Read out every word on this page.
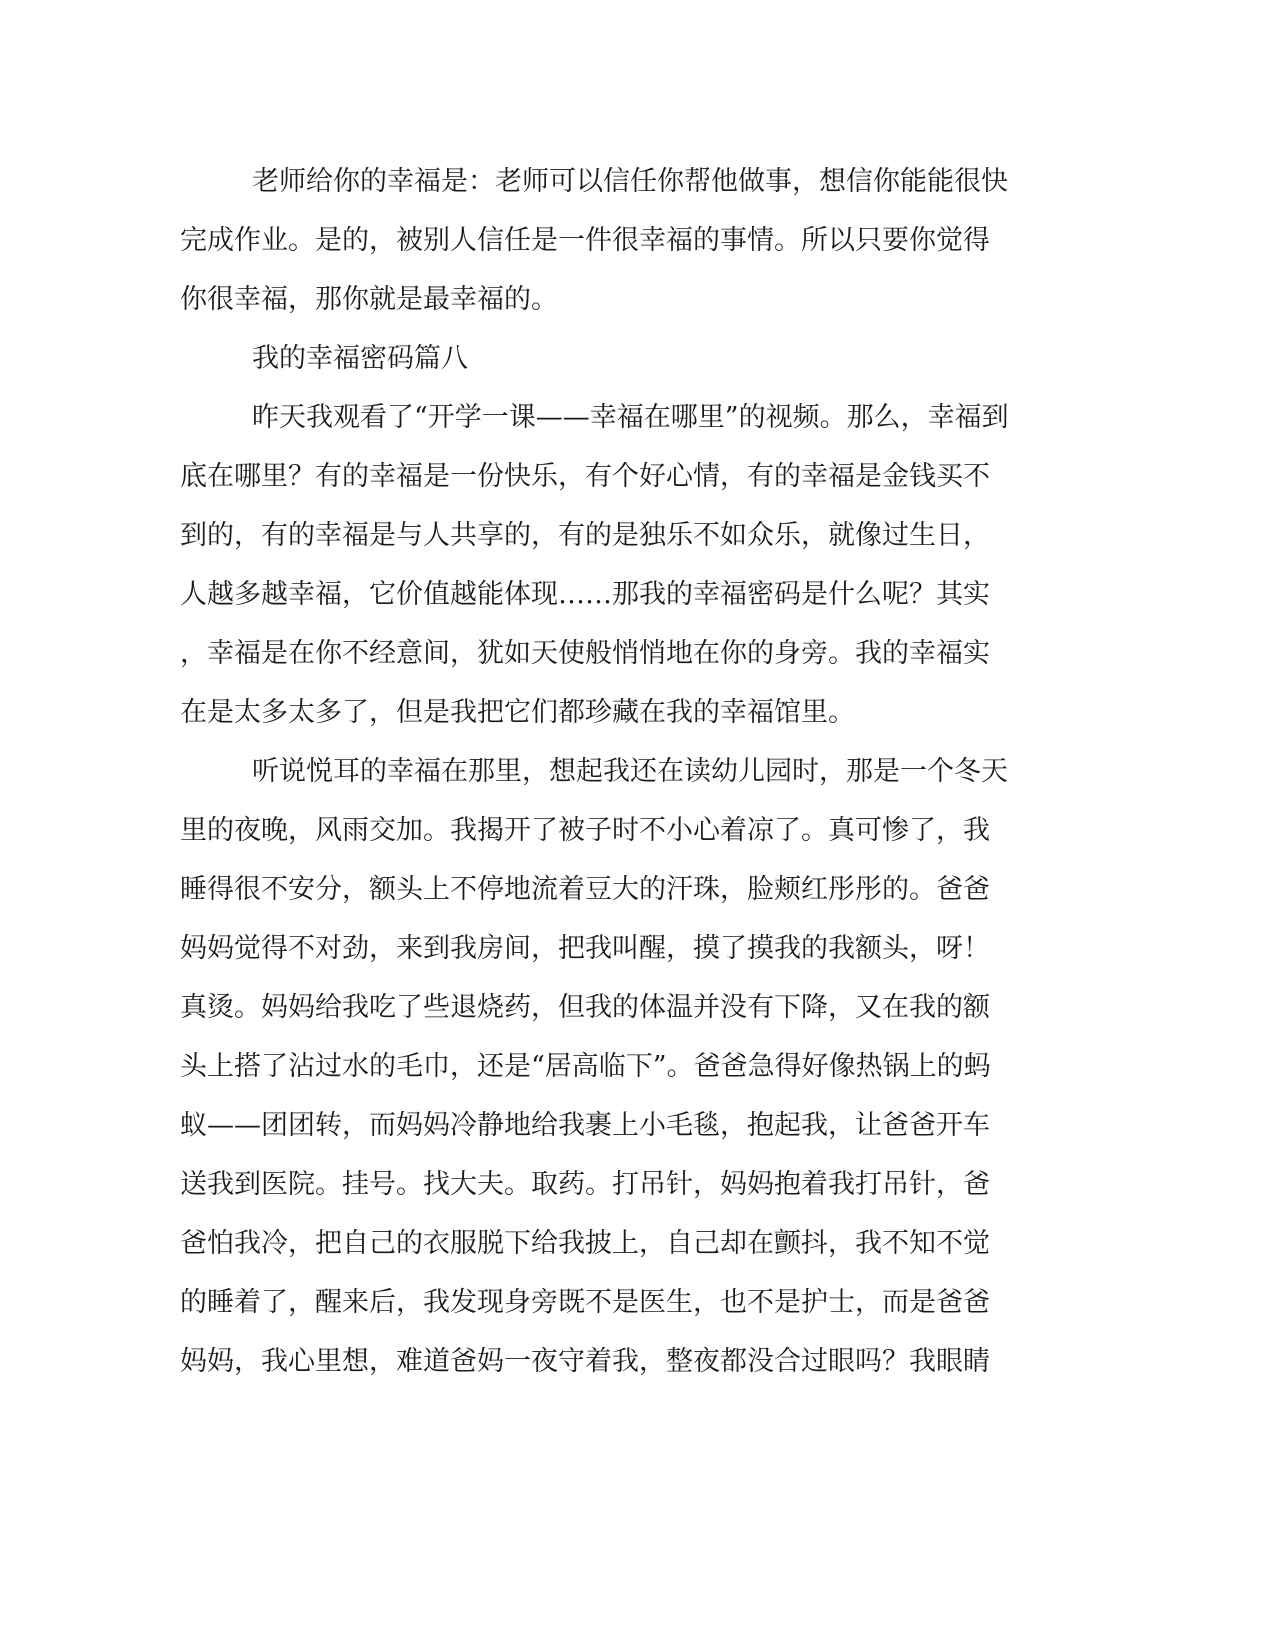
老师给你的幸福是：老师可以信任你帮他做事，想信你能能很快

完成作业。是的，被别人信任是一件很幸福的事情。所以只要你觉得

你很幸福，那你就是最幸福的。

我的幸福密码篇八

昨天我观看了“开学一课——幸福在哪里”的视频。那么，幸福到

底在哪里？有的幸福是一份快乐，有个好心情，有的幸福是金钱买不

到的，有的幸福是与人共享的，有的是独乐不如众乐，就像过生日，

人越多越幸福，它价值越能体现……那我的幸福密码是什么呢？其实

，幸福是在你不经意间，犹如天使般悄悄地在你的身旁。我的幸福实

在是太多太多了，但是我把它们都珍藏在我的幸福馆里。

听说悦耳的幸福在那里，想起我还在读幼儿园时，那是一个冬天

里的夜晚，风雨交加。我揭开了被子时不小心着凉了。真可惨了，我

睡得很不安分，额头上不停地流着豆大的汗珠，脸颊红彤彤的。爸爸

妈妈觉得不对劲，来到我房间，把我叫醒，摸了摸我的我额头，呀！

真烫。妈妈给我吃了些退烧药，但我的体温并没有下降，又在我的额

头上搭了沾过水的毛巾，还是“居高临下”。爸爸急得好像热锅上的蚂

蚁——团团转，而妈妈冷静地给我裹上小毛毯，抱起我，让爸爸开车

送我到医院。挂号。找大夫。取药。打吊针，妈妈抱着我打吊针，爸

爸怕我冷，把自己的衣服脱下给我披上，自己却在颤抖，我不知不觉

的睡着了，醒来后，我发现身旁既不是医生，也不是护士，而是爸爸

妈妈，我心里想，难道爸妈一夜守着我，整夜都没合过眼吗？我眼睛
